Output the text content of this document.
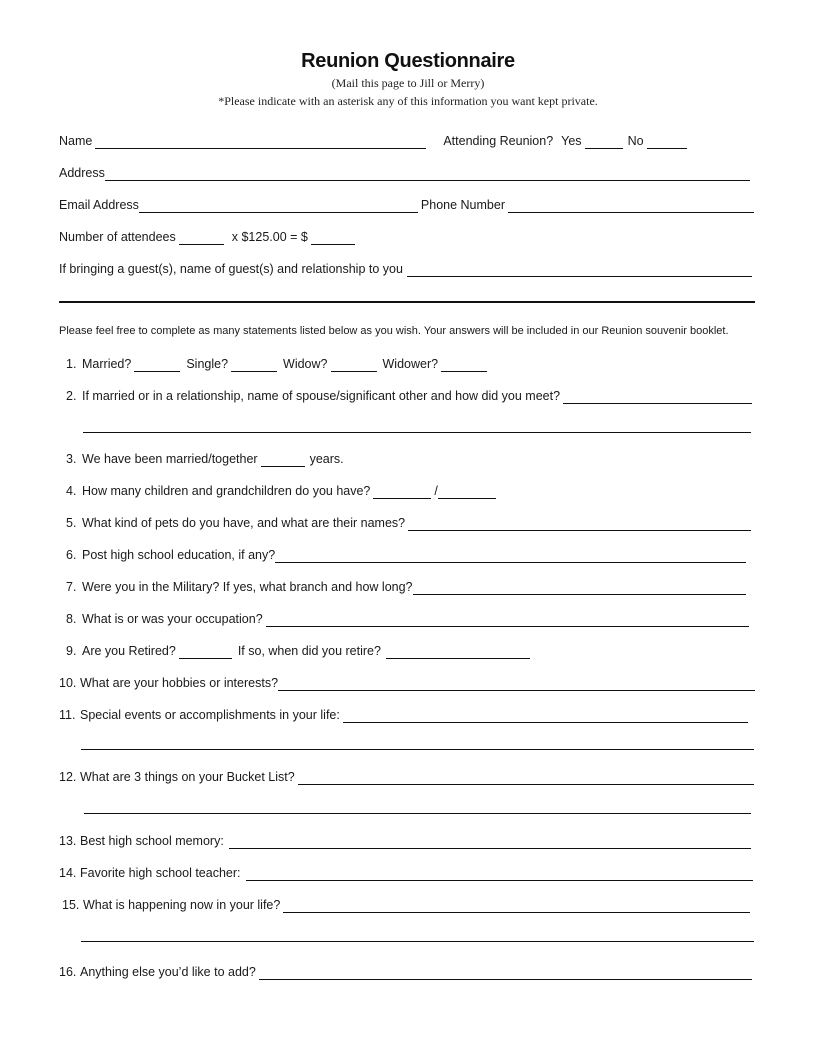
Reunion Questionnaire
(Mail this page to Jill or Merry)
*Please indicate with an asterisk any of this information you want kept private.
Name	Attending Reunion? Yes	No
Address
Email Address	Phone Number
Number of attendees	x $125.00 = $
If bringing a guest(s), name of guest(s) and relationship to you
Please feel free to complete as many statements listed below as you wish. Your answers will be included in our Reunion souvenir booklet.
1. Married?	Single?	Widow?	Widower?
2. If married or in a relationship, name of spouse/significant other and how did you meet?
3. We have been married/together	years.
4. How many children and grandchildren do you have?	/
5. What kind of pets do you have, and what are their names?
6. Post high school education, if any?
7. Were you in the Military? If yes, what branch and how long?
8. What is or was your occupation?
9. Are you Retired?	If so, when did you retire?
10. What are your hobbies or interests?
11. Special events or accomplishments in your life:
12. What are 3 things on your Bucket List?
13. Best high school memory:
14. Favorite high school teacher:
15. What is happening now in your life?
16. Anything else you’d like to add?
